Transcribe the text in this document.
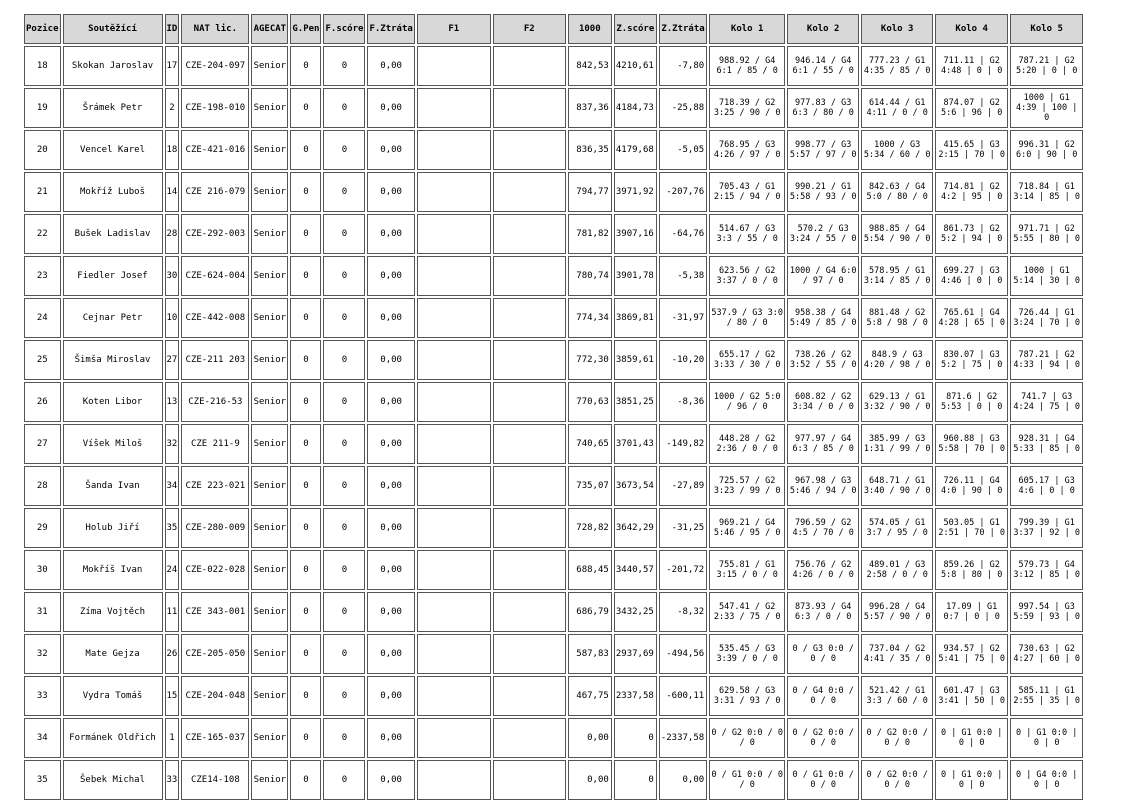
Pozice	Soutěžící	ID	NAT lic.	AGECAT	G.Pen	F.scóre	F.Ztráta	F1	F2	1000	Z.scóre	Z.Ztráta	Kolo 1	Kolo 2	Kolo 3	Kolo 4	Kolo 5
18	Skokan Jaroslav	17	CZE-204-097	Senior	0	0	0,00			842,53	4210,61	-7,80	988.92 / G4 6:1 / 85 / 0	946.14 / G4 6:1 / 55 / 0	777.23 / G1 4:35 / 85 / 0	711.11 | G2 4:48 | 0 | 0	787.21 | G2 5:20 | 0 | 0
19	Šrámek Petr	2	CZE-198-010	Senior	0	0	0,00			837,36	4184,73	-25,88	718.39 / G2 3:25 / 90 / 0	977.83 / G3 6:3 / 80 / 0	614.44 / G1 4:11 / 0 / 0	874.07 | G2 5:6 | 96 | 0	1000 | G1 4:39 | 100 | 0
20	Vencel Karel	18	CZE-421-016	Senior	0	0	0,00			836,35	4179,68	-5,05	768.95 / G3 4:26 / 97 / 0	998.77 / G3 5:57 / 97 / 0	1000 / G3 5:34 / 60 / 0	415.65 | G3 2:15 | 70 | 0	996.31 | G2 6:0 | 90 | 0
21	Mokříž Luboš	14	CZE 216-079	Senior	0	0	0,00			794,77	3971,92	-207,76	705.43 / G1 2:15 / 94 / 0	990.21 / G1 5:58 / 93 / 0	842.63 / G4 5:0 / 80 / 0	714.81 | G2 4:2 | 95 | 0	718.84 | G1 3:14 | 85 | 0
22	Bušek Ladislav	28	CZE-292-003	Senior	0	0	0,00			781,82	3907,16	-64,76	514.67 / G3 3:3 / 55 / 0	570.2 / G3 3:24 / 55 / 0	988.85 / G4 5:54 / 90 / 0	861.73 | G2 5:2 | 94 | 0	971.71 | G2 5:55 | 80 | 0
23	Fiedler Josef	30	CZE-624-004	Senior	0	0	0,00			780,74	3901,78	-5,38	623.56 / G2 3:37 / 0 / 0	1000 / G4 6:0 / 97 / 0	578.95 / G1 3:14 / 85 / 0	699.27 | G3 4:46 | 0 | 0	1000 | G1 5:14 | 30 | 0
24	Cejnar Petr	10	CZE-442-008	Senior	0	0	0,00			774,34	3869,81	-31,97	537.9 / G3 3:0 / 80 / 0	958.38 / G4 5:49 / 85 / 0	881.48 / G2 5:8 / 98 / 0	765.61 | G4 4:28 | 65 | 0	726.44 | G1 3:24 | 70 | 0
25	Šimša Miroslav	27	CZE-211 203	Senior	0	0	0,00			772,30	3859,61	-10,20	655.17 / G2 3:33 / 30 / 0	738.26 / G2 3:52 / 55 / 0	848.9 / G3 4:20 / 98 / 0	830.07 | G3 5:2 | 75 | 0	787.21 | G2 4:33 | 94 | 0
26	Koten Libor	13	CZE-216-53	Senior	0	0	0,00			770,63	3851,25	-8,36	1000 / G2 5:0 / 96 / 0	608.82 / G2 3:34 / 0 / 0	629.13 / G1 3:32 / 90 / 0	871.6 | G2 5:53 | 0 | 0	741.7 | G3 4:24 | 75 | 0
27	Víšek Miloš	32	CZE 211-9	Senior	0	0	0,00			740,65	3701,43	-149,82	448.28 / G2 2:36 / 0 / 0	977.97 / G4 6:3 / 85 / 0	385.99 / G3 1:31 / 99 / 0	960.88 | G3 5:58 | 70 | 0	928.31 | G4 5:33 | 85 | 0
28	Šanda Ivan	34	CZE 223-021	Senior	0	0	0,00			735,07	3673,54	-27,89	725.57 / G2 3:23 / 99 / 0	967.98 / G3 5:46 / 94 / 0	648.71 / G1 3:40 / 90 / 0	726.11 | G4 4:0 | 90 | 0	605.17 | G3 4:6 | 0 | 0
29	Holub Jiří	35	CZE-280-009	Senior	0	0	0,00			728,82	3642,29	-31,25	969.21 / G4 5:46 / 95 / 0	796.59 / G2 4:5 / 70 / 0	574.05 / G1 3:7 / 95 / 0	503.05 | G1 2:51 | 70 | 0	799.39 | G1 3:37 | 92 | 0
30	Mokříš Ivan	24	CZE-022-028	Senior	0	0	0,00			688,45	3440,57	-201,72	755.81 / G1 3:15 / 0 / 0	756.76 / G2 4:26 / 0 / 0	489.01 / G3 2:58 / 0 / 0	859.26 | G2 5:8 | 80 | 0	579.73 | G4 3:12 | 85 | 0
31	Zíma Vojtěch	11	CZE 343-001	Senior	0	0	0,00			686,79	3432,25	-8,32	547.41 / G2 2:33 / 75 / 0	873.93 / G4 6:3 / 0 / 0	996.28 / G4 5:57 / 90 / 0	17.09 | G1 0:7 | 0 | 0	997.54 | G3 5:59 | 93 | 0
32	Mate Gejza	26	CZE-205-050	Senior	0	0	0,00			587,83	2937,69	-494,56	535.45 / G3 3:39 / 0 / 0	0 / G3 0:0 / 0 / 0	737.04 / G2 4:41 / 35 / 0	934.57 | G2 5:41 | 75 | 0	730.63 | G2 4:27 | 60 | 0
33	Vydra Tomáš	15	CZE-204-048	Senior	0	0	0,00			467,75	2337,58	-600,11	629.58 / G3 3:31 / 93 / 0	0 / G4 0:0 / 0 / 0	521.42 / G1 3:3 / 60 / 0	601.47 | G3 3:41 | 50 | 0	585.11 | G1 2:55 | 35 | 0
34	Formánek Oldřich	1	CZE-165-037	Senior	0	0	0,00			0,00	0	-2337,58	0 / G2 0:0 / 0 / 0	0 / G2 0:0 / 0 / 0	0 / G2 0:0 / 0 / 0	0 | G1 0:0 | 0 | 0	0 | G1 0:0 | 0 | 0
35	Šebek Michal	33	CZE14-108	Senior	0	0	0,00			0,00	0	0,00	0 / G1 0:0 / 0 / 0	0 / G1 0:0 / 0 / 0	0 / G2 0:0 / 0 / 0	0 | G1 0:0 | 0 | 0	0 | G4 0:0 | 0 | 0
